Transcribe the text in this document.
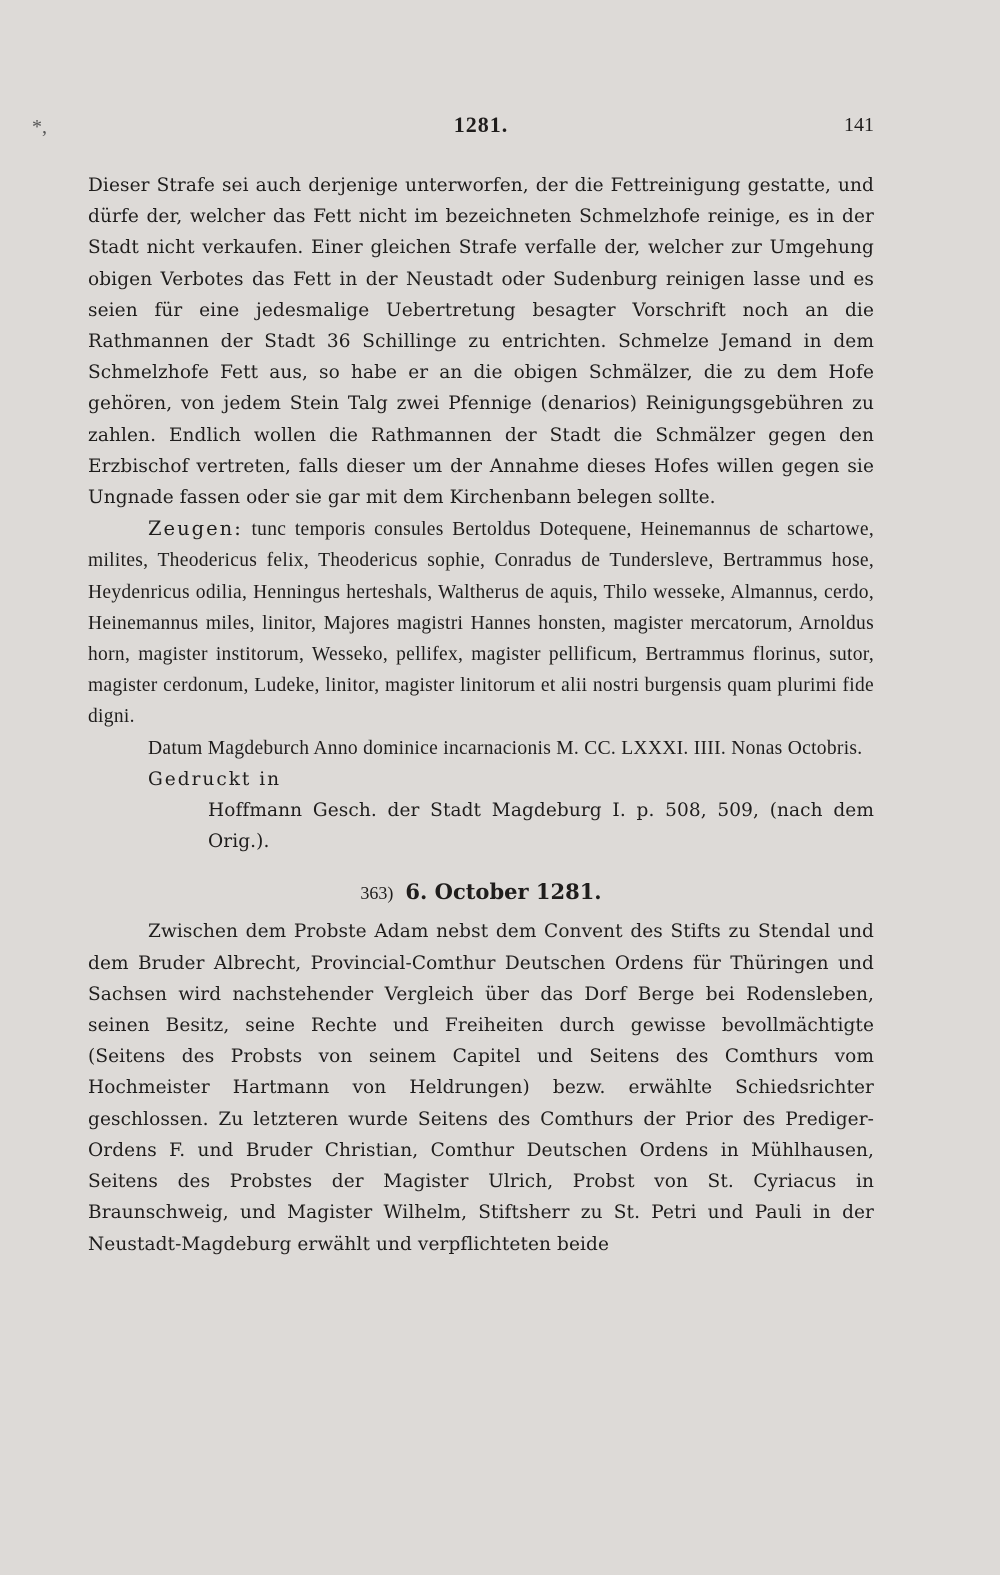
*,	1281.	141

Dieser Strafe sei auch derjenige unterworfen, der die Fettreinigung gestatte, und dürfe der, welcher das Fett nicht im bezeichneten Schmelzhofe reinige, es in der Stadt nicht verkaufen. Einer gleichen Strafe verfalle der, welcher zur Umgehung obigen Verbotes das Fett in der Neustadt oder Sudenburg reinigen lasse und es seien für eine jedesmalige Uebertretung besagter Vorschrift noch an die Rathmannen der Stadt 36 Schillinge zu entrichten. Schmelze Jemand in dem Schmelzhofe Fett aus, so habe er an die obigen Schmälzer, die zu dem Hofe gehören, von jedem Stein Talg zwei Pfennige (denarios) Reinigungsgebühren zu zahlen. Endlich wollen die Rathmannen der Stadt die Schmälzer gegen den Erzbischof vertreten, falls dieser um der Annahme dieses Hofes willen gegen sie Ungnade fassen oder sie gar mit dem Kirchenbann belegen sollte.

Zeugen: tunc temporis consules Bertoldus Dotequene, Heinemannus de schartowe, milites, Theodericus felix, Theodericus sophie, Conradus de Tundersleve, Bertrammus hose, Heydenricus odilia, Henningus herteshals, Waltherus de aquis, Thilo wesseke, Almannus, cerdo, Heinemannus miles, linitor, Majores magistri Hannes honsten, magister mercatorum, Arnoldus horn, magister institorum, Wesseko, pellifex, magister pellificum, Bertrammus florinus, sutor, magister cerdonum, Ludeke, linitor, magister linitorum et alii nostri burgensis quam plurimi fide digni.

Datum Magdeburch Anno dominice incarnacionis M. CC. LXXXI. IIII. Nonas Octobris.

Gedruckt in

Hoffmann Gesch. der Stadt Magdeburg I. p. 508, 509, (nach dem Orig.).

363) 6. October 1281.

Zwischen dem Probste Adam nebst dem Convent des Stifts zu Stendal und dem Bruder Albrecht, Provincial-Comthur Deutschen Ordens für Thüringen und Sachsen wird nachstehender Vergleich über das Dorf Berge bei Rodensleben, seinen Besitz, seine Rechte und Freiheiten durch gewisse bevollmächtigte (Seitens des Probsts von seinem Capitel und Seitens des Comthurs vom Hochmeister Hartmann von Heldrungen) bezw. erwählte Schiedsrichter geschlossen. Zu letzteren wurde Seitens des Comthurs der Prior des Prediger-Ordens F. und Bruder Christian, Comthur Deutschen Ordens in Mühlhausen, Seitens des Probstes der Magister Ulrich, Probst von St. Cyriacus in Braunschweig, und Magister Wilhelm, Stiftsherr zu St. Petri und Pauli in der Neustadt-Magdeburg erwählt und verpflichteten beide
